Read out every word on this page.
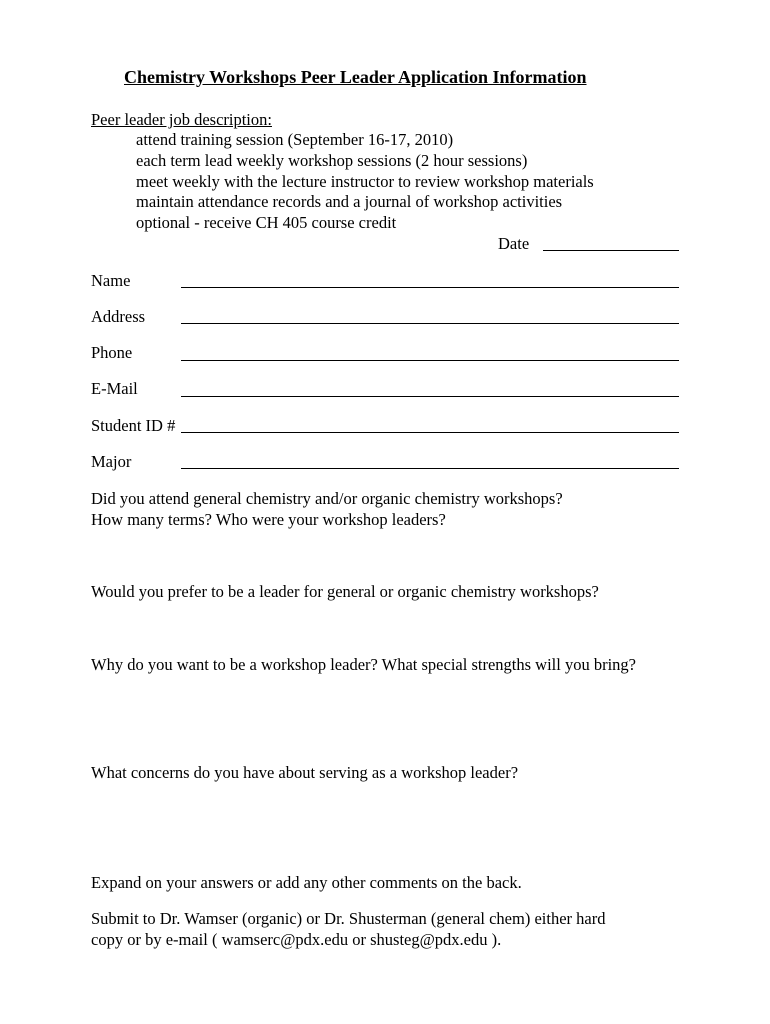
Chemistry Workshops Peer Leader Application Information
Peer leader job description:
attend training session (September 16-17, 2010)
each term lead weekly workshop sessions (2 hour sessions)
meet weekly with the lecture instructor to review workshop materials
maintain attendance records and a journal of workshop activities
optional - receive CH 405 course credit
Date
Name
Address
Phone
E-Mail
Student ID #
Major
Did you attend general chemistry and/or organic chemistry workshops?
How many terms? Who were your workshop leaders?
Would you prefer to be a leader for general or organic chemistry workshops?
Why do you want to be a workshop leader? What special strengths will you bring?
What concerns do you have about serving as a workshop leader?
Expand on your answers or add any other comments on the back.
Submit to Dr. Wamser (organic) or Dr. Shusterman (general chem) either hard
copy or by e-mail ( wamserc@pdx.edu or shusteg@pdx.edu ).
